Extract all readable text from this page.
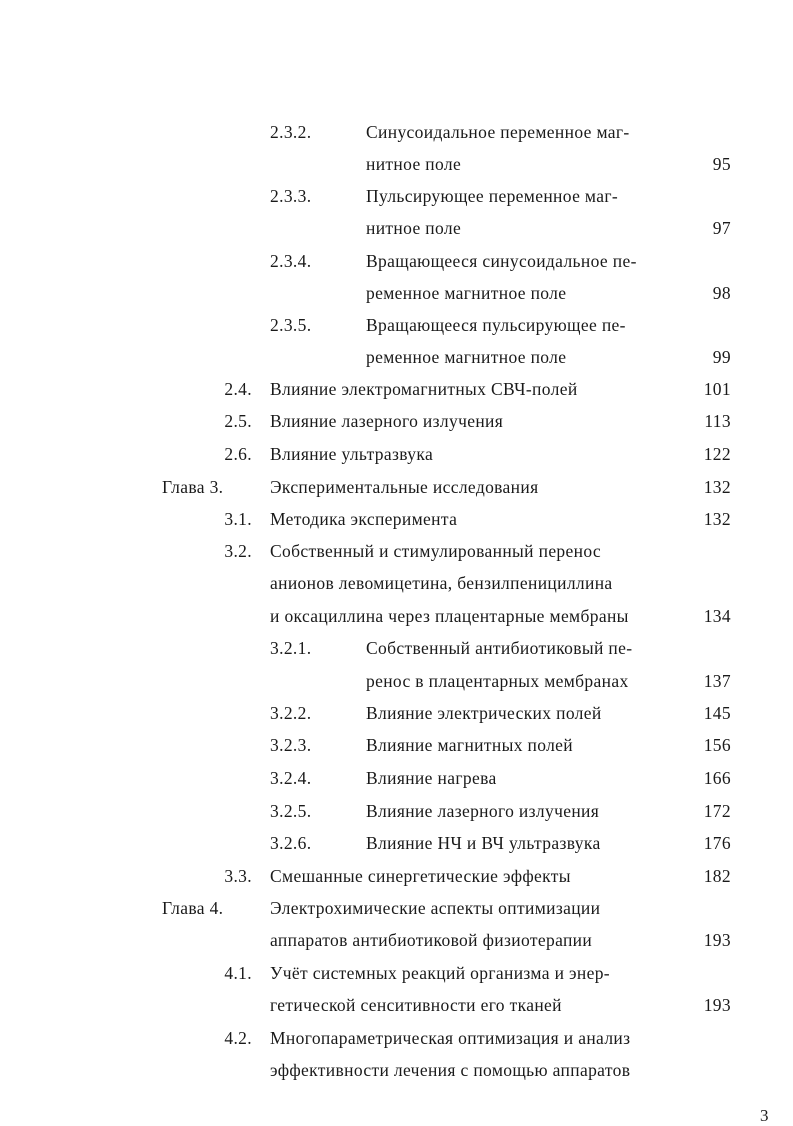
2.3.2.	Синусоидальное переменное маг-
нитное поле	95
2.3.3.	Пульсирующее переменное маг-
нитное поле	97
2.3.4.	Вращающееся синусоидальное пе-
ременное магнитное поле	98
2.3.5.	Вращающееся пульсирующее пе-
ременное магнитное поле	99
2.4. Влияние электромагнитных СВЧ-полей	101
2.5. Влияние лазерного излучения	113
2.6. Влияние ультразвука	122
Глава 3.	Экспериментальные исследования	132
3.1. Методика эксперимента	132
3.2. Собственный и стимулированный перенос
анионов левомицетина, бензилпенициллина
и оксациллина через плацентарные мембраны	134
3.2.1.	Собственный антибиотиковый пе-
ренос в плацентарных мембранах	137
3.2.2.	Влияние электрических полей	145
3.2.3.	Влияние магнитных полей	156
3.2.4.	Влияние нагрева	166
3.2.5.	Влияние лазерного излучения	172
3.2.6.	Влияние НЧ и ВЧ ультразвука	176
3.3. Смешанные синергетические эффекты	182
Глава 4.	Электрохимические аспекты оптимизации
аппаратов антибиотиковой физиотерапии	193
4.1. Учёт системных реакций организма и энер-
гетической сенситивности его тканей	193
4.2. Многопараметрическая оптимизация и анализ
эффективности лечения с помощью аппаратов
3
